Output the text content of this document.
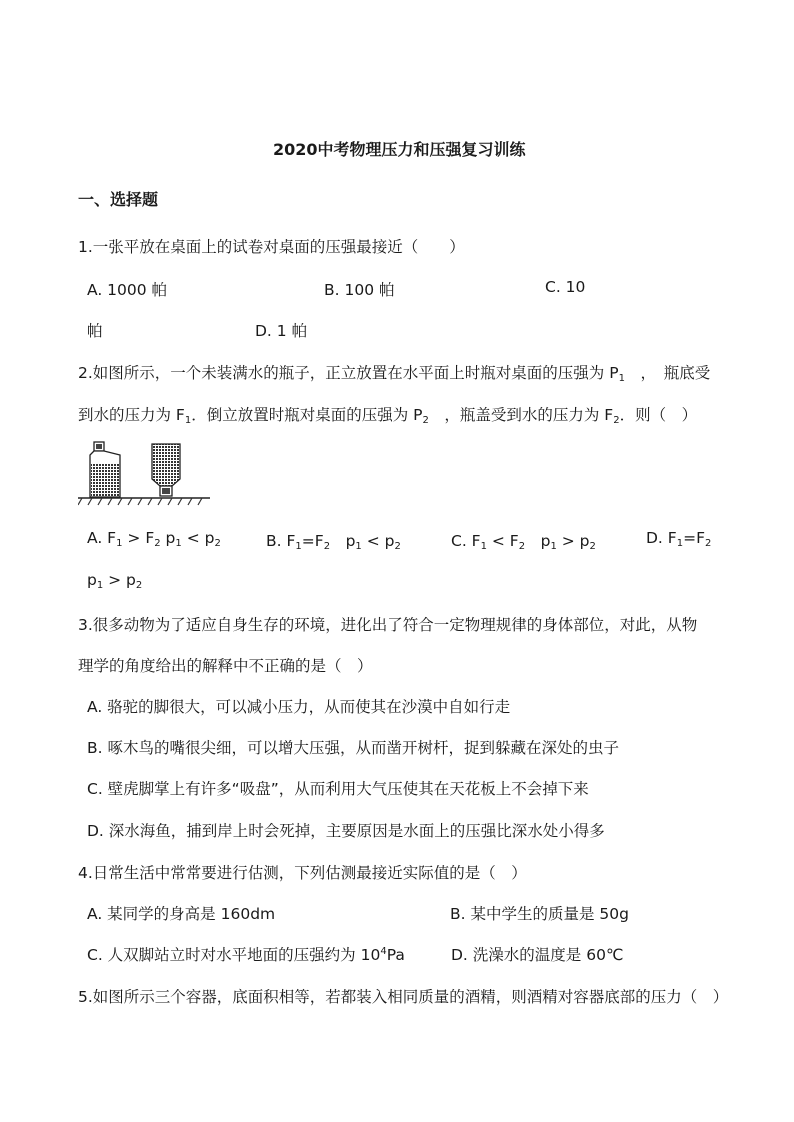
2020中考物理压力和压强复习训练
一、选择题
1.一张平放在桌面上的试卷对桌面的压强最接近（　　）
A. 1000 帕	B. 100 帕	C. 10
帕	D. 1 帕
2.如图所示，一个未装满水的瓶子，正立放置在水平面上时瓶对桌面的压强为 $P_1$　，　瓶底受
到水的压力为 $F_1$．倒立放置时瓶对桌面的压强为 $P_2$　，瓶盖受到水的压力为 $F_2$．则（　）
A. $F_1 > F_2$ $p_1 < p_2$	B. $F_1=F_2$　$p_1 < p_2$	C. $F_1 < F_2$　$p_1 > p_2$	D. $F_1=F_2$
$p_1 > p_2$
3.很多动物为了适应自身生存的环境，进化出了符合一定物理规律的身体部位，对此，从物
理学的角度给出的解释中不正确的是（　）
A. 骆驼的脚很大，可以减小压力，从而使其在沙漠中自如行走
B. 啄木鸟的嘴很尖细，可以增大压强，从而凿开树杆，捉到躲藏在深处的虫子
C. 壁虎脚掌上有许多“吸盘”，从而利用大气压使其在天花板上不会掉下来
D. 深水海鱼，捕到岸上时会死掉，主要原因是水面上的压强比深水处小得多
4.日常生活中常常要进行估测，下列估测最接近实际值的是（　）
A. 某同学的身高是 160dm	B. 某中学生的质量是 50g
C. 人双脚站立时对水平地面的压强约为 $10^4Pa$	D. 洗澡水的温度是 60℃
5.如图所示三个容器，底面积相等，若都装入相同质量的酒精，则酒精对容器底部的压力（　）
